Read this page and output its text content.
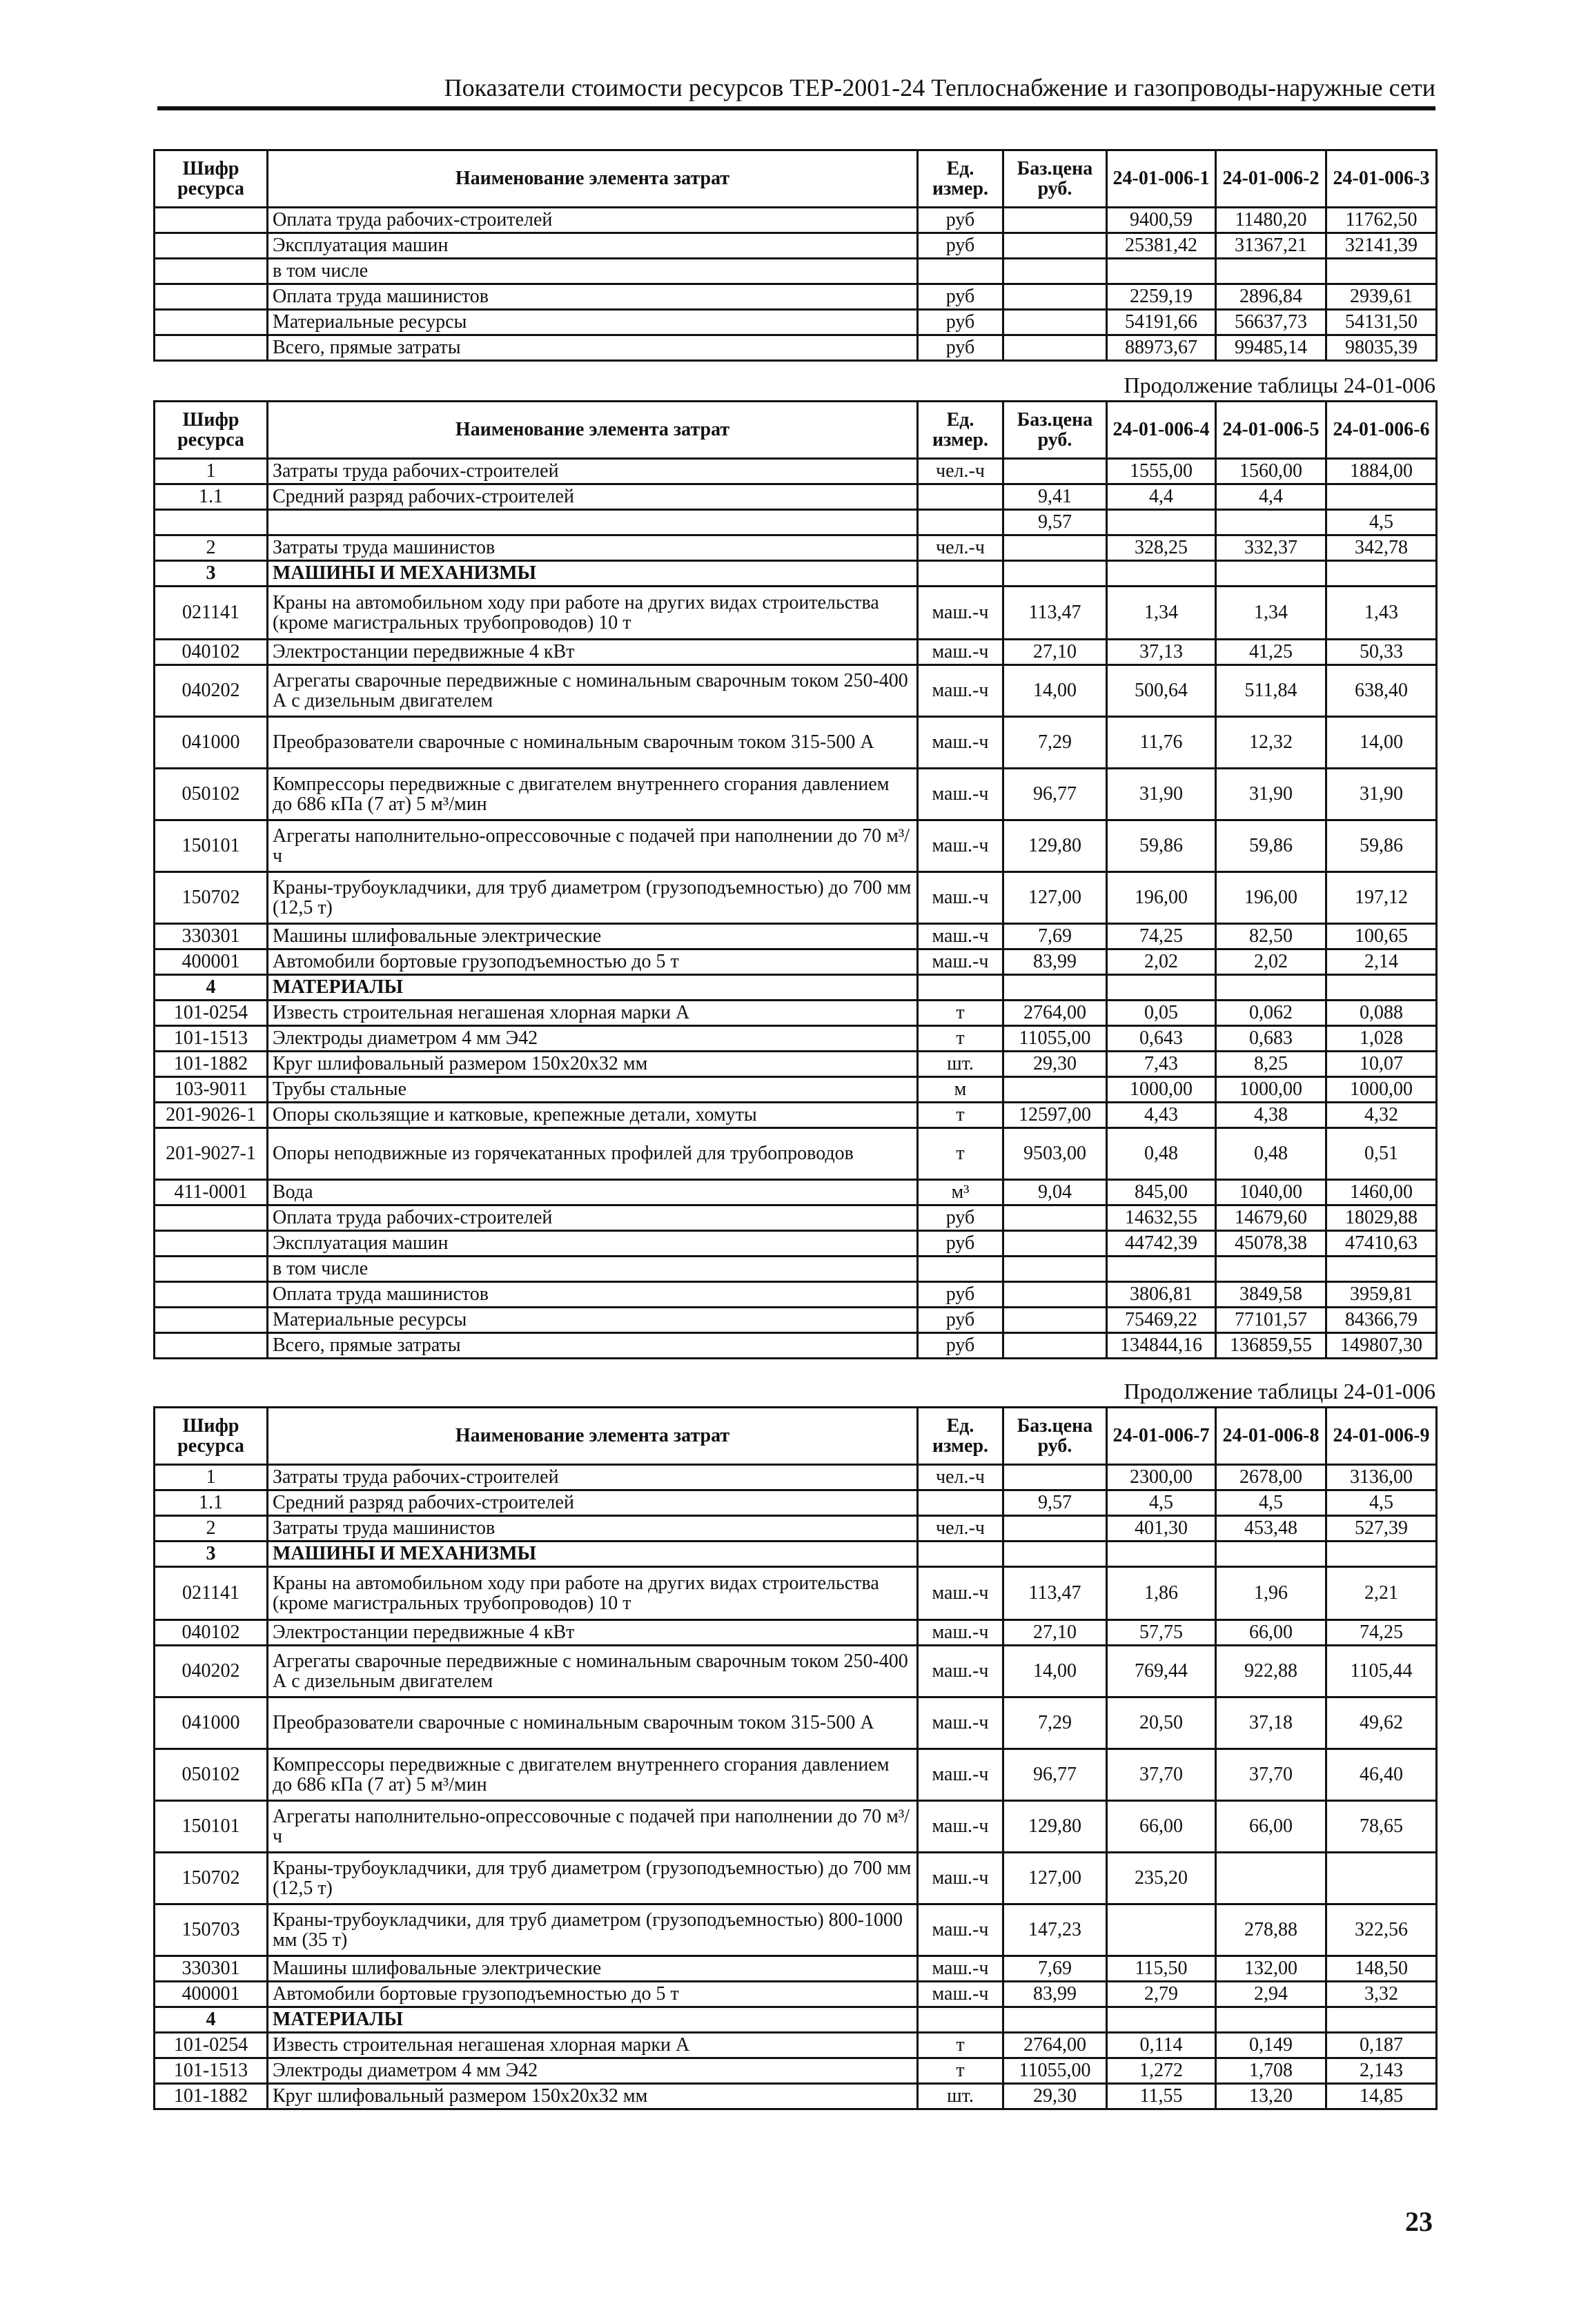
Показатели стоимости ресурсов ТЕР-2001-24 Теплоснабжение и газопроводы-наружные сети
Шифр ресурса	Наименование элемента затрат	Ед. измер.	Баз.цена руб.	24-01-006-1	24-01-006-2	24-01-006-3
	Оплата труда рабочих-строителей	руб		9400,59	11480,20	11762,50
	Эксплуатация машин	руб		25381,42	31367,21	32141,39
	в том числе					
	Оплата труда машинистов	руб		2259,19	2896,84	2939,61
	Материальные ресурсы	руб		54191,66	56637,73	54131,50
	Всего, прямые затраты	руб		88973,67	99485,14	98035,39
Продолжение таблицы 24-01-006
Шифр ресурса	Наименование элемента затрат	Ед. измер.	Баз.цена руб.	24-01-006-4	24-01-006-5	24-01-006-6
1	Затраты труда рабочих-строителей	чел.-ч		1555,00	1560,00	1884,00
1.1	Средний разряд рабочих-строителей		9,41	4,4	4,4	
			9,57			4,5
2	Затраты труда машинистов	чел.-ч		328,25	332,37	342,78
3	МАШИНЫ И МЕХАНИЗМЫ					
021141	Краны на автомобильном ходу при работе на других видах строительства (кроме магистральных трубопроводов) 10 т	маш.-ч	113,47	1,34	1,34	1,43
040102	Электростанции передвижные 4 кВт	маш.-ч	27,10	37,13	41,25	50,33
040202	Агрегаты сварочные передвижные с номинальным сварочным током 250-400 А с дизельным двигателем	маш.-ч	14,00	500,64	511,84	638,40
041000	Преобразователи сварочные с номинальным сварочным током 315-500 А	маш.-ч	7,29	11,76	12,32	14,00
050102	Компрессоры передвижные с двигателем внутреннего сгорания давлением до 686 кПа (7 ат) 5 м³/мин	маш.-ч	96,77	31,90	31,90	31,90
150101	Агрегаты наполнительно-опрессовочные с подачей при наполнении до 70 м³/ч	маш.-ч	129,80	59,86	59,86	59,86
150702	Краны-трубоукладчики, для труб диаметром (грузоподъемностью) до 700 мм (12,5 т)	маш.-ч	127,00	196,00	196,00	197,12
330301	Машины шлифовальные электрические	маш.-ч	7,69	74,25	82,50	100,65
400001	Автомобили бортовые грузоподъемностью до 5 т	маш.-ч	83,99	2,02	2,02	2,14
4	МАТЕРИАЛЫ					
101-0254	Известь строительная негашеная хлорная марки А	т	2764,00	0,05	0,062	0,088
101-1513	Электроды диаметром 4 мм Э42	т	11055,00	0,643	0,683	1,028
101-1882	Круг шлифовальный размером 150х20х32 мм	шт.	29,30	7,43	8,25	10,07
103-9011	Трубы стальные	м		1000,00	1000,00	1000,00
201-9026-1	Опоры скользящие и катковые, крепежные детали, хомуты	т	12597,00	4,43	4,38	4,32
201-9027-1	Опоры неподвижные из горячекатанных профилей для трубопроводов	т	9503,00	0,48	0,48	0,51
411-0001	Вода	м³	9,04	845,00	1040,00	1460,00
	Оплата труда рабочих-строителей	руб		14632,55	14679,60	18029,88
	Эксплуатация машин	руб		44742,39	45078,38	47410,63
	в том числе					
	Оплата труда машинистов	руб		3806,81	3849,58	3959,81
	Материальные ресурсы	руб		75469,22	77101,57	84366,79
	Всего, прямые затраты	руб		134844,16	136859,55	149807,30
Продолжение таблицы 24-01-006
Шифр ресурса	Наименование элемента затрат	Ед. измер.	Баз.цена руб.	24-01-006-7	24-01-006-8	24-01-006-9
1	Затраты труда рабочих-строителей	чел.-ч		2300,00	2678,00	3136,00
1.1	Средний разряд рабочих-строителей		9,57	4,5	4,5	4,5
2	Затраты труда машинистов	чел.-ч		401,30	453,48	527,39
3	МАШИНЫ И МЕХАНИЗМЫ					
021141	Краны на автомобильном ходу при работе на других видах строительства (кроме магистральных трубопроводов) 10 т	маш.-ч	113,47	1,86	1,96	2,21
040102	Электростанции передвижные 4 кВт	маш.-ч	27,10	57,75	66,00	74,25
040202	Агрегаты сварочные передвижные с номинальным сварочным током 250-400 А с дизельным двигателем	маш.-ч	14,00	769,44	922,88	1105,44
041000	Преобразователи сварочные с номинальным сварочным током 315-500 А	маш.-ч	7,29	20,50	37,18	49,62
050102	Компрессоры передвижные с двигателем внутреннего сгорания давлением до 686 кПа (7 ат) 5 м³/мин	маш.-ч	96,77	37,70	37,70	46,40
150101	Агрегаты наполнительно-опрессовочные с подачей при наполнении до 70 м³/ч	маш.-ч	129,80	66,00	66,00	78,65
150702	Краны-трубоукладчики, для труб диаметром (грузоподъемностью) до 700 мм (12,5 т)	маш.-ч	127,00	235,20		
150703	Краны-трубоукладчики, для труб диаметром (грузоподъемностью) 800-1000 мм (35 т)	маш.-ч	147,23		278,88	322,56
330301	Машины шлифовальные электрические	маш.-ч	7,69	115,50	132,00	148,50
400001	Автомобили бортовые грузоподъемностью до 5 т	маш.-ч	83,99	2,79	2,94	3,32
4	МАТЕРИАЛЫ					
101-0254	Известь строительная негашеная хлорная марки А	т	2764,00	0,114	0,149	0,187
101-1513	Электроды диаметром 4 мм Э42	т	11055,00	1,272	1,708	2,143
101-1882	Круг шлифовальный размером 150х20х32 мм	шт.	29,30	11,55	13,20	14,85
23
